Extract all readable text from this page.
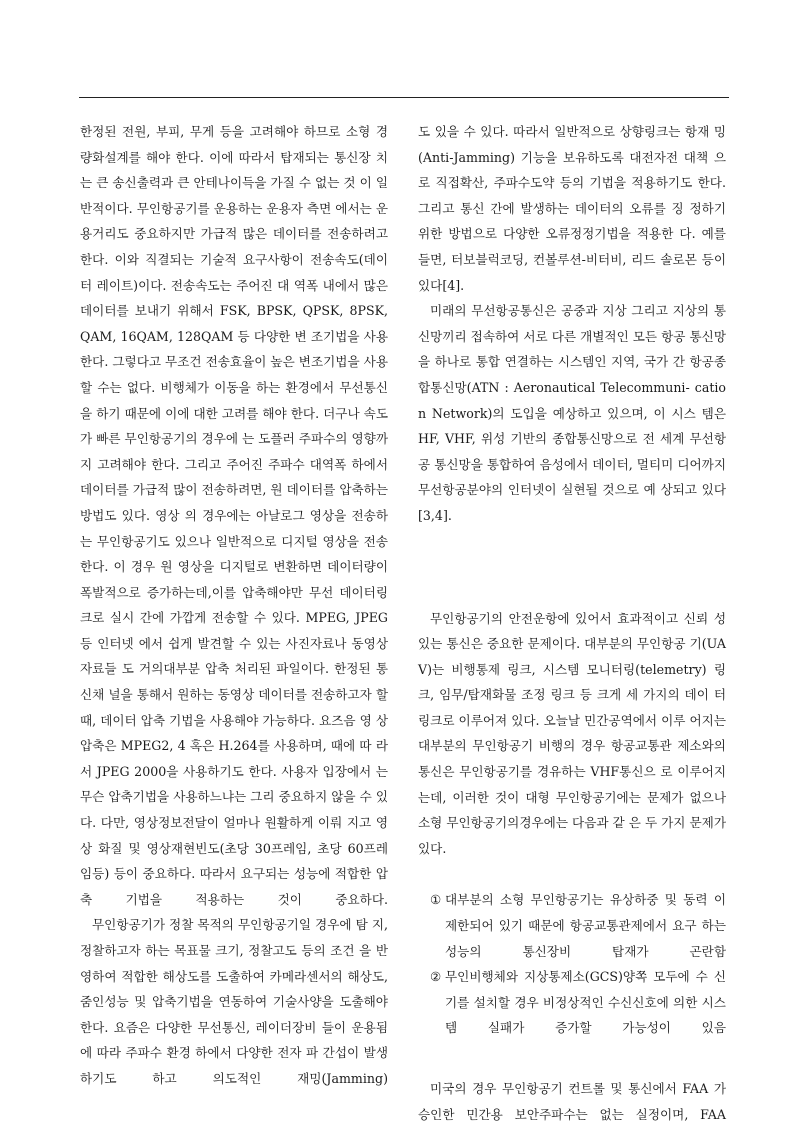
한정된 전원, 부피, 무게 등을 고려해야 하므로 소형 경 량화설계를 해야 한다. 이에 따라서 탑재되는 통신장 치는 큰 송신출력과 큰 안테나이득을 가질 수 없는 것 이 일반적이다. 무인항공기를 운용하는 운용자 측면 에서는 운용거리도 중요하지만 가급적 많은 데이터를 전송하려고 한다. 이와 직결되는 기술적 요구사항이 전송속도(데이터 레이트)이다. 전송속도는 주어진 대 역폭 내에서 많은 데이터를 보내기 위해서 FSK, BPSK, QPSK, 8PSK, QAM, 16QAM, 128QAM 등 다양한 변 조기법을 사용한다. 그렇다고 무조건 전송효율이 높은 변조기법을 사용할 수는 없다. 비행체가 이동을 하는 환경에서 무선통신을 하기 때문에 이에 대한 고려를 해야 한다. 더구나 속도가 빠른 무인항공기의 경우에 는 도플러 주파수의 영향까지 고려해야 한다. 그리고 주어진 주파수 대역폭 하에서 데이터를 가급적 많이 전송하려면, 원 데이터를 압축하는 방법도 있다. 영상 의 경우에는 아날로그 영상을 전송하는 무인항공기도 있으나 일반적으로 디지털 영상을 전송한다. 이 경우 원 영상을 디지털로 변환하면 데이터량이 폭발적으로 증가하는데,이를 압축해야만 무선 데이터링크로 실시 간에 가깝게 전송할 수 있다. MPEG, JPEG 등 인터넷 에서 쉽게 발견할 수 있는 사진자료나 동영상 자료들 도 거의대부분 압축 처리된 파일이다. 한정된 통신채 널을 통해서 원하는 동영상 데이터를 전송하고자 할 때, 데이터 압축 기법을 사용해야 가능하다. 요즈음 영 상 압축은 MPEG2, 4 혹은 H.264를 사용하며, 때에 따 라서 JPEG 2000을 사용하기도 한다. 사용자 입장에서 는 무슨 압축기법을 사용하느냐는 그리 중요하지 않을 수 있다. 다만, 영상정보전달이 얼마나 원활하게 이뤄 지고 영상 화질 및 영상재현빈도(초당 30프레임, 초당 60프레임등) 등이 중요하다. 따라서 요구되는 성능에 적합한 압축 기법을 적용하는 것이 중요하다.

무인항공기가 정찰 목적의 무인항공기일 경우에 탐 지, 정찰하고자 하는 목표물 크기, 정찰고도 등의 조건 을 반영하여 적합한 해상도를 도출하여 카메라센서의 해상도, 줌인성능 및 압축기법을 연동하여 기술사양을 도출해야 한다. 요즘은 다양한 무선통신, 레이더장비 들이 운용됨에 따라 주파수 환경 하에서 다양한 전자 파 간섭이 발생하기도 하고 의도적인 재밍(Jamming)

도 있을 수 있다. 따라서 일반적으로 상향링크는 항재 밍(Anti-Jamming) 기능을 보유하도록 대전자전 대책 으로 직접확산, 주파수도약 등의 기법을 적용하기도 한다. 그리고 통신 간에 발생하는 데이터의 오류를 징 정하기 위한 방법으로 다양한 오류정정기법을 적용한 다. 예를 들면, 터보블럭코딩, 컨볼루션-비터비, 리드 솔로몬 등이 있다[4].

미래의 무선항공통신은 공중과 지상 그리고 지상의 통신망끼리 접속하여 서로 다른 개별적인 모든 항공 통신망을 하나로 통합 연결하는 시스템인 지역, 국가 간 항공종합통신망(ATN : Aeronautical Telecommuni- cation Network)의 도입을 예상하고 있으며, 이 시스 템은 HF, VHF, 위성 기반의 종합통신망으로 전 세계 무선항공 통신망을 통합하여 음성에서 데이터, 멀티미 디어까지 무선항공분야의 인터넷이 실현될 것으로 예 상되고 있다[3,4].

무인항공기의 안전운항에 있어서 효과적이고 신뢰 성 있는 통신은 중요한 문제이다. 대부분의 무인항공 기(UAV)는 비행통제 링크, 시스템 모니터링(telemetry) 링크, 임무/탑재화물 조정 링크 등 크게 세 가지의 데이 터 링크로 이루어져 있다. 오늘날 민간공역에서 이루 어지는 대부분의 무인항공기 비행의 경우 항공교통관 제소와의 통신은 무인항공기를 경유하는 VHF통신으 로 이루어지는데, 이러한 것이 대형 무인항공기에는 문제가 없으나 소형 무인항공기의경우에는 다음과 같 은 두 가지 문제가 있다.

① 대부분의 소형 무인항공기는 유상하중 및 동력 이 제한되어 있기 때문에 항공교통관제에서 요구 하는 성능의 통신장비 탑재가 곤란함

② 무인비행체와 지상통제소(GCS)양쪽 모두에 수 신기를 설치할 경우 비정상적인 수신신호에 의한 시스템 실패가 증가할 가능성이 있음

미국의 경우 무인항공기 컨트롤 및 통신에서 FAA 가 승인한 민간용 보안주파수는 없는 실정이며, FAA
